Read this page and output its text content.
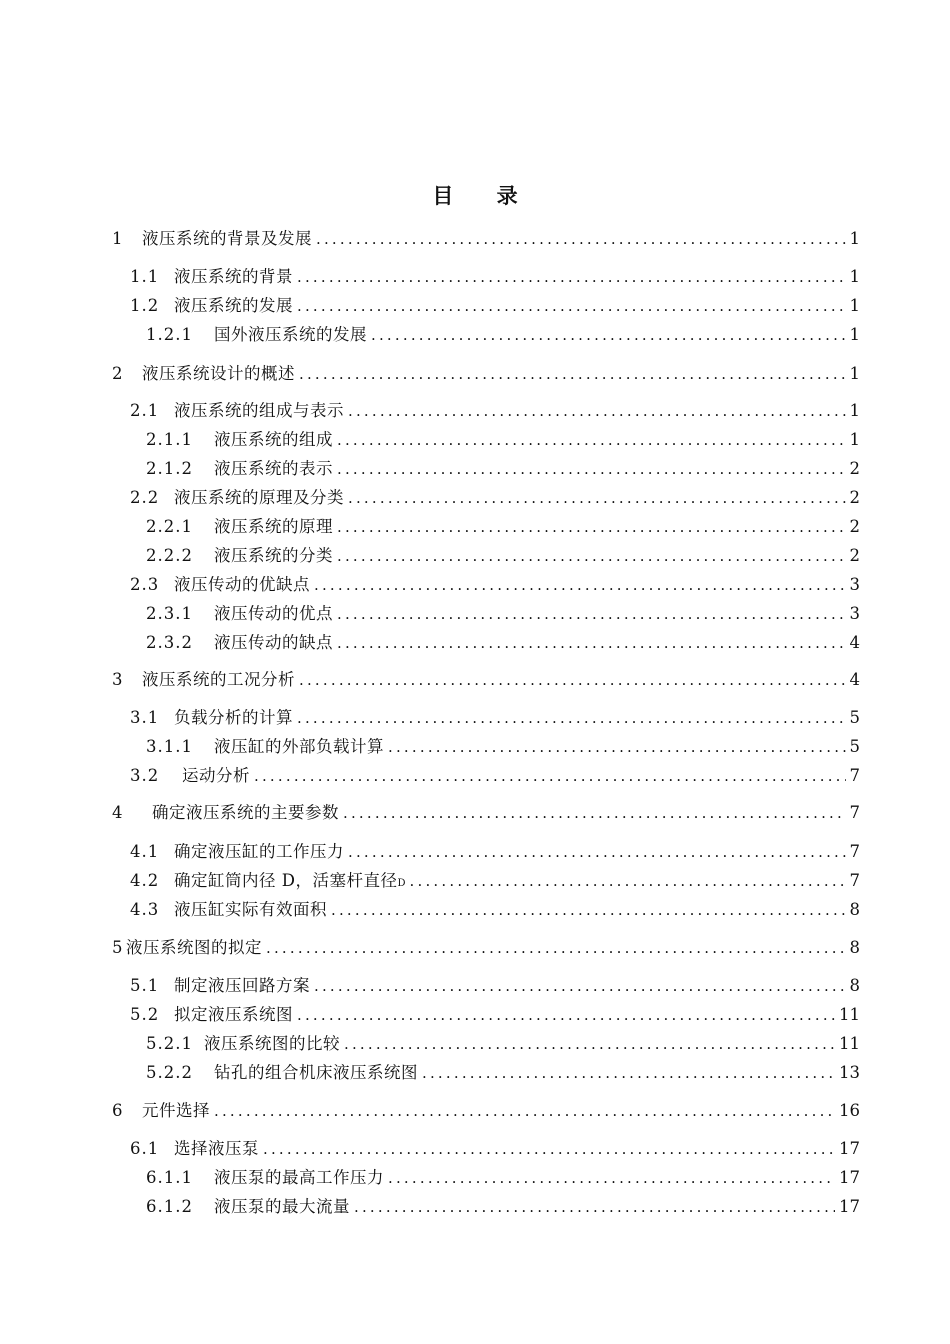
目 录
1	液压系统的背景及发展 .....	1
1.1 液压系统的背景 .....	1
1.2 液压系统的发展 .....	1
1.2.1	国外液压系统的发展 .....	1
2	液压系统设计的概述 .....	1
2.1 液压系统的组成与表示 .....	1
2.1.1	液压系统的组成 .....	1
2.1.2	液压系统的表示 .....	2
2.2 液压系统的原理及分类 .....	2
2.2.1	液压系统的原理 .....	2
2.2.2	液压系统的分类 .....	2
2.3 液压传动的优缺点 .....	3
2.3.1	液压传动的优点 .....	3
2.3.2	液压传动的缺点 .....	4
3	液压系统的工况分析 .....	4
3.1 负载分析的计算 .....	5
3.1.1	液压缸的外部负载计算 .....	5
3.2	运动分析 .....	7
4	确定液压系统的主要参数 .....	7
4.1 确定液压缸的工作压力 .....	7
4.2 确定缸筒内径 D，活塞杆直径 D .....	7
4.3 液压缸实际有效面积 .....	8
5 液压系统图的拟定 .....	8
5.1 制定液压回路方案 .....	8
5.2 拟定液压系统图 .....	11
5.2.1 液压系统图的比较 .....	11
5.2.2	钻孔的组合机床液压系统图 .....	13
6	元件选择 .....	16
6.1 选择液压泵 .....	17
6.1.1	液压泵的最高工作压力 .....	17
6.1.2	液压泵的最大流量 .....	17
